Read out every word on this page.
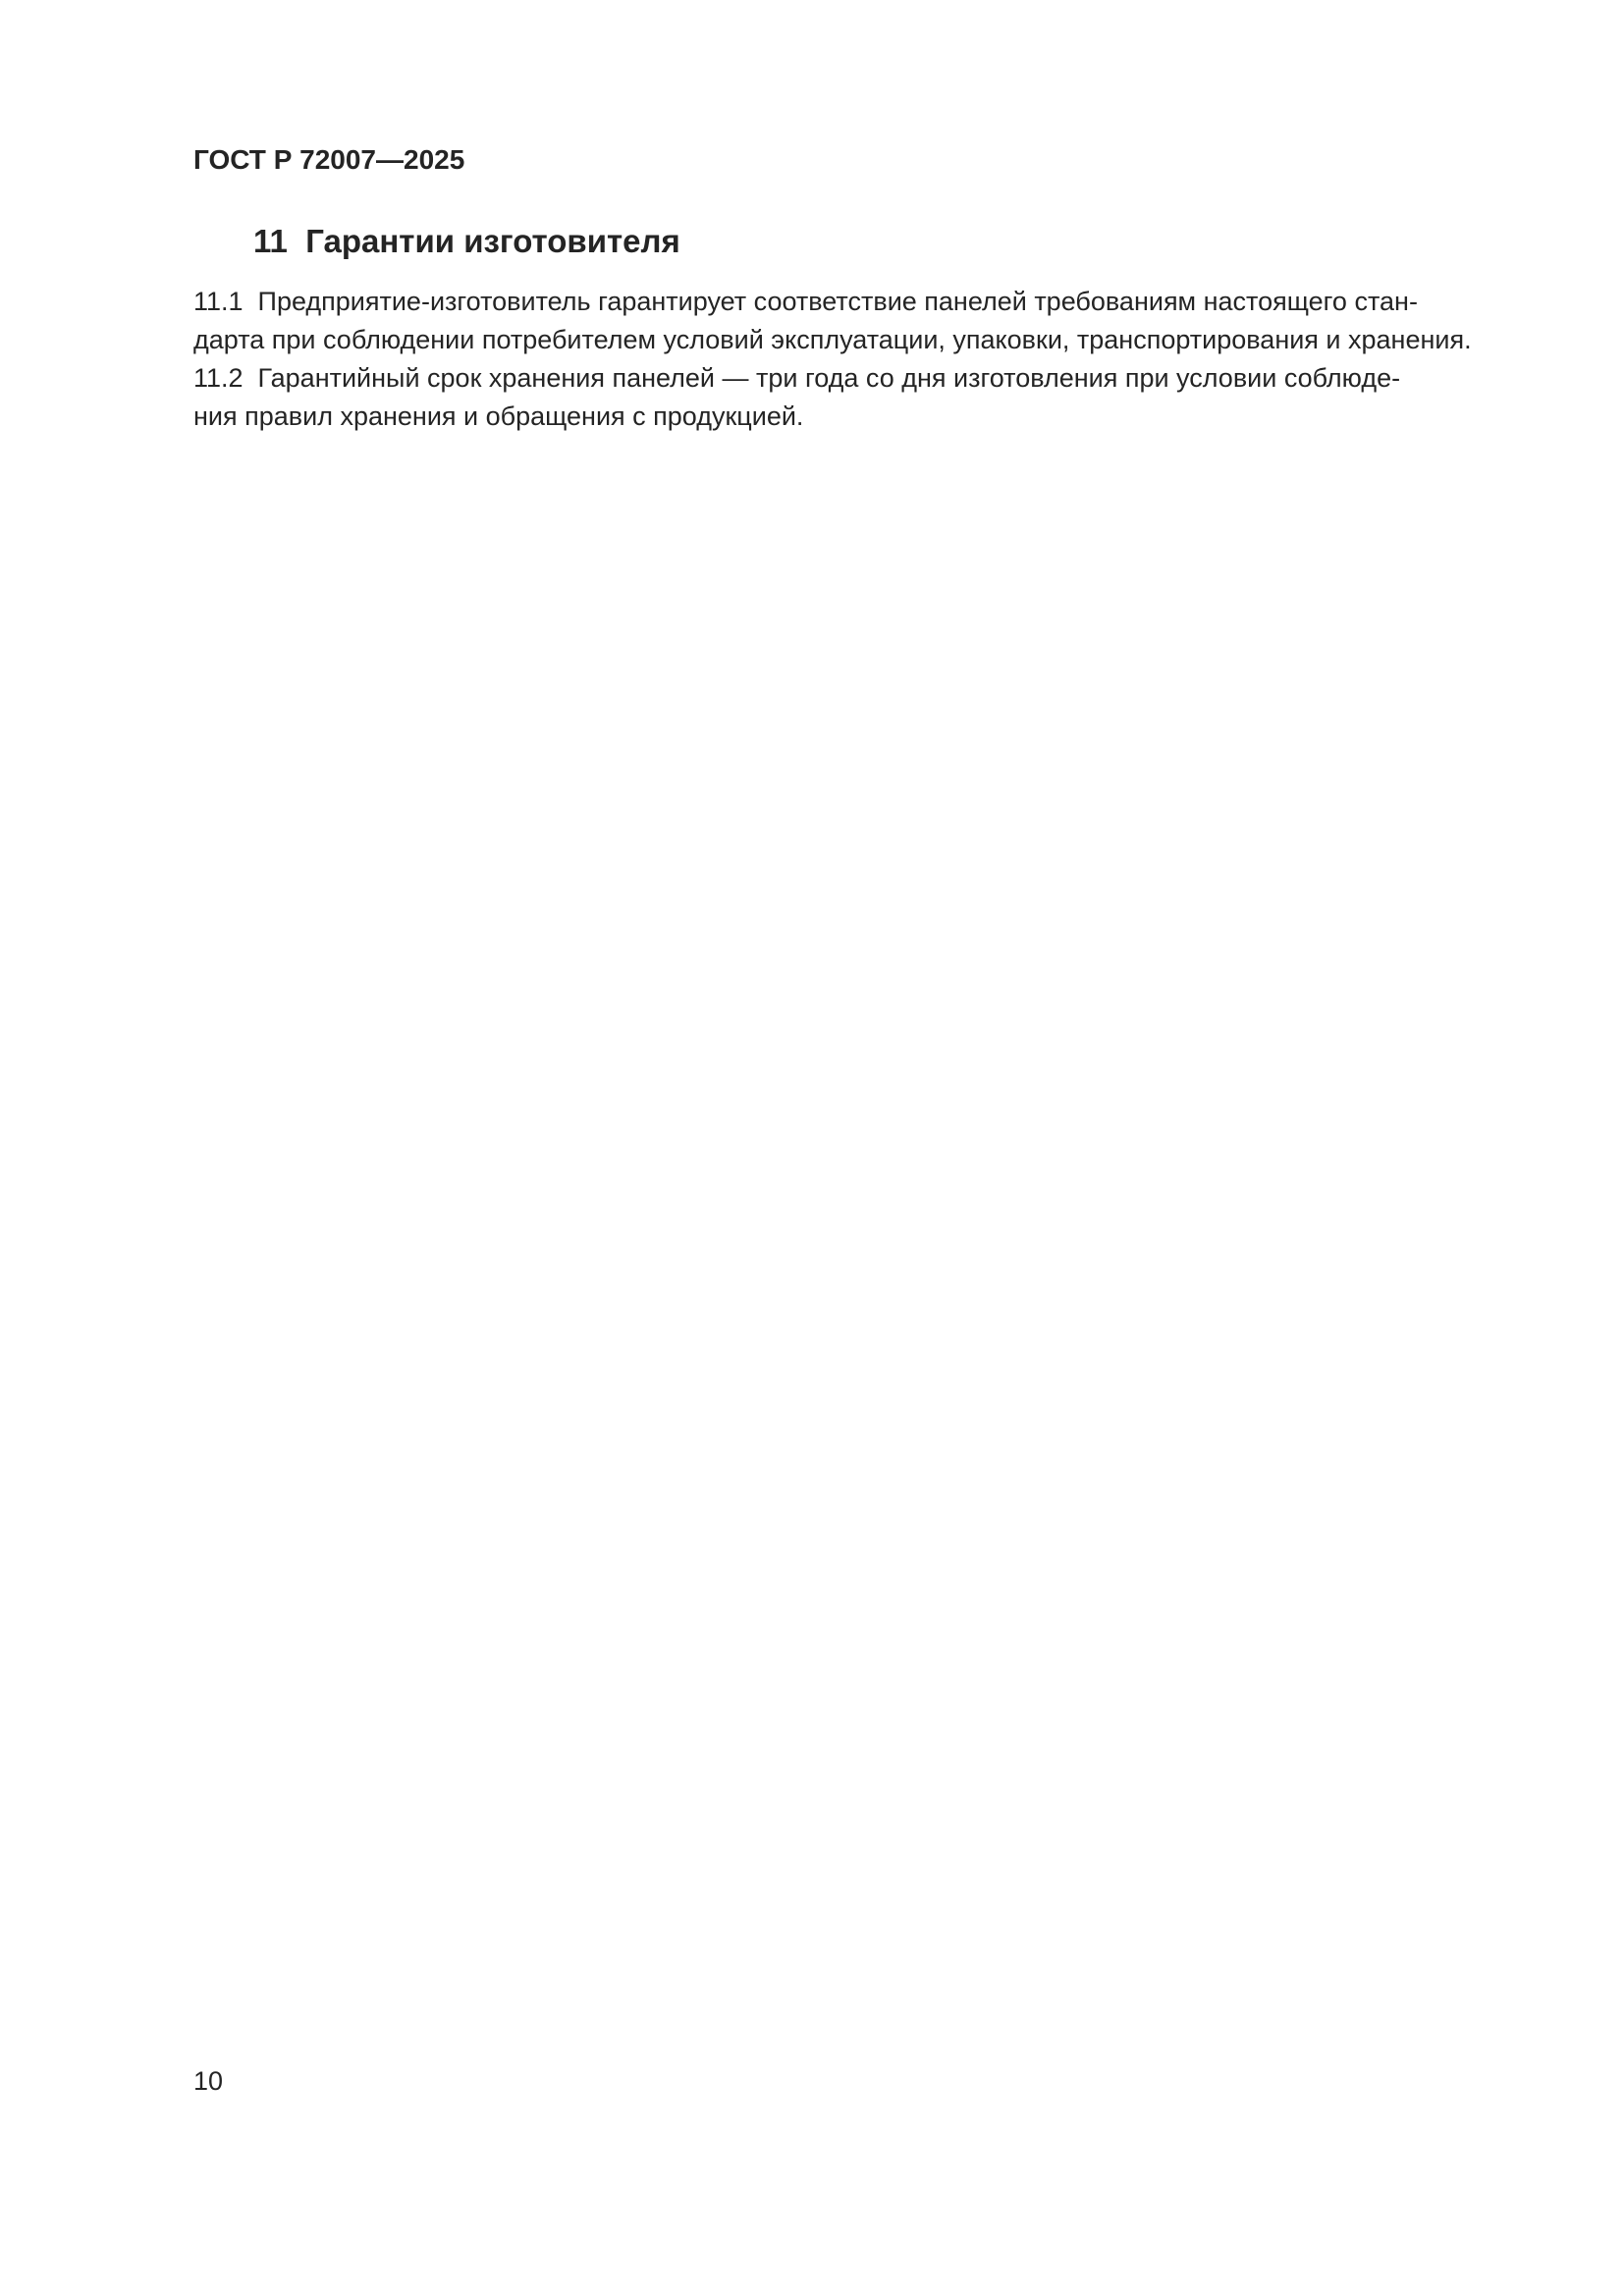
ГОСТ Р 72007—2025
11  Гарантии изготовителя
11.1  Предприятие-изготовитель гарантирует соответствие панелей требованиям настоящего стан-
дарта при соблюдении потребителем условий эксплуатации, упаковки, транспортирования и хранения.
11.2  Гарантийный срок хранения панелей — три года со дня изготовления при условии соблюде-
ния правил хранения и обращения с продукцией.
10
